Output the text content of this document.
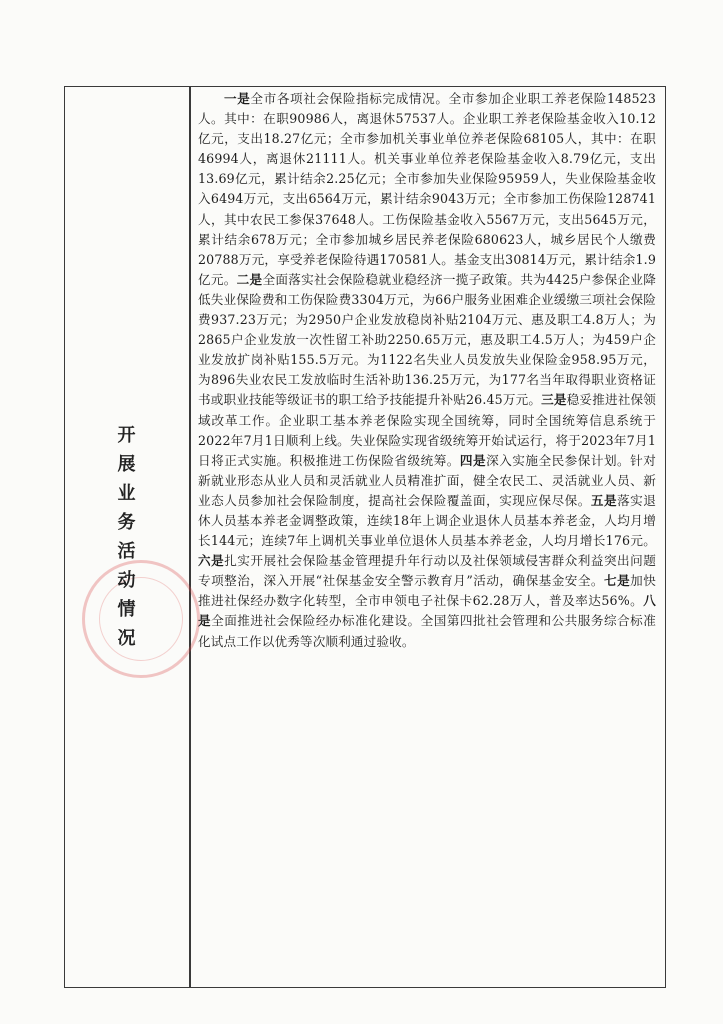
开展业务活动情况

一是全市各项社会保险指标完成情况。全市参加企业职工养老保险148523人。其中：在职90986人，离退休57537人。企业职工养老保险基金收入10.12亿元，支出18.27亿元；全市参加机关事业单位养老保险68105人，其中：在职46994人，离退休21111人。机关事业单位养老保险基金收入8.79亿元，支出13.69亿元，累计结余2.25亿元；全市参加失业保险95959人，失业保险基金收入6494万元，支出6564万元，累计结余9043万元；全市参加工伤保险128741人，其中农民工参保37648人。工伤保险基金收入5567万元，支出5645万元，累计结余678万元；全市参加城乡居民养老保险680623人，城乡居民个人缴费20788万元，享受养老保险待遇170581人。基金支出30814万元，累计结余1.9亿元。二是全面落实社会保险稳就业稳经济一揽子政策。共为4425户参保企业降低失业保险费和工伤保险费3304万元，为66户服务业困难企业缓缴三项社会保险费937.23万元；为2950户企业发放稳岗补贴2104万元、惠及职工4.8万人；为2865户企业发放一次性留工补助2250.65万元，惠及职工4.5万人；为459户企业发放扩岗补贴155.5万元。为1122名失业人员发放失业保险金958.95万元，为896失业农民工发放临时生活补助136.25万元，为177名当年取得职业资格证书或职业技能等级证书的职工给予技能提升补贴26.45万元。三是稳妥推进社保领域改革工作。企业职工基本养老保险实现全国统筹，同时全国统筹信息系统于2022年7月1日顺利上线。失业保险实现省级统筹开始试运行，将于2023年7月1日将正式实施。积极推进工伤保险省级统筹。四是深入实施全民参保计划。针对新就业形态从业人员和灵活就业人员精准扩面，健全农民工、灵活就业人员、新业态人员参加社会保险制度，提高社会保险覆盖面，实现应保尽保。五是落实退休人员基本养老金调整政策，连续18年上调企业退休人员基本养老金，人均月增长144元；连续7年上调机关事业单位退休人员基本养老金，人均月增长176元。六是扎实开展社会保险基金管理提升年行动以及社保领域侵害群众利益突出问题专项整治，深入开展“社保基金安全警示教育月”活动，确保基金安全。七是加快推进社保经办数字化转型，全市申领电子社保卡62.28万人，普及率达56%。八是全面推进社会保险经办标准化建设。全国第四批社会管理和公共服务综合标准化试点工作以优秀等次顺利通过验收。
